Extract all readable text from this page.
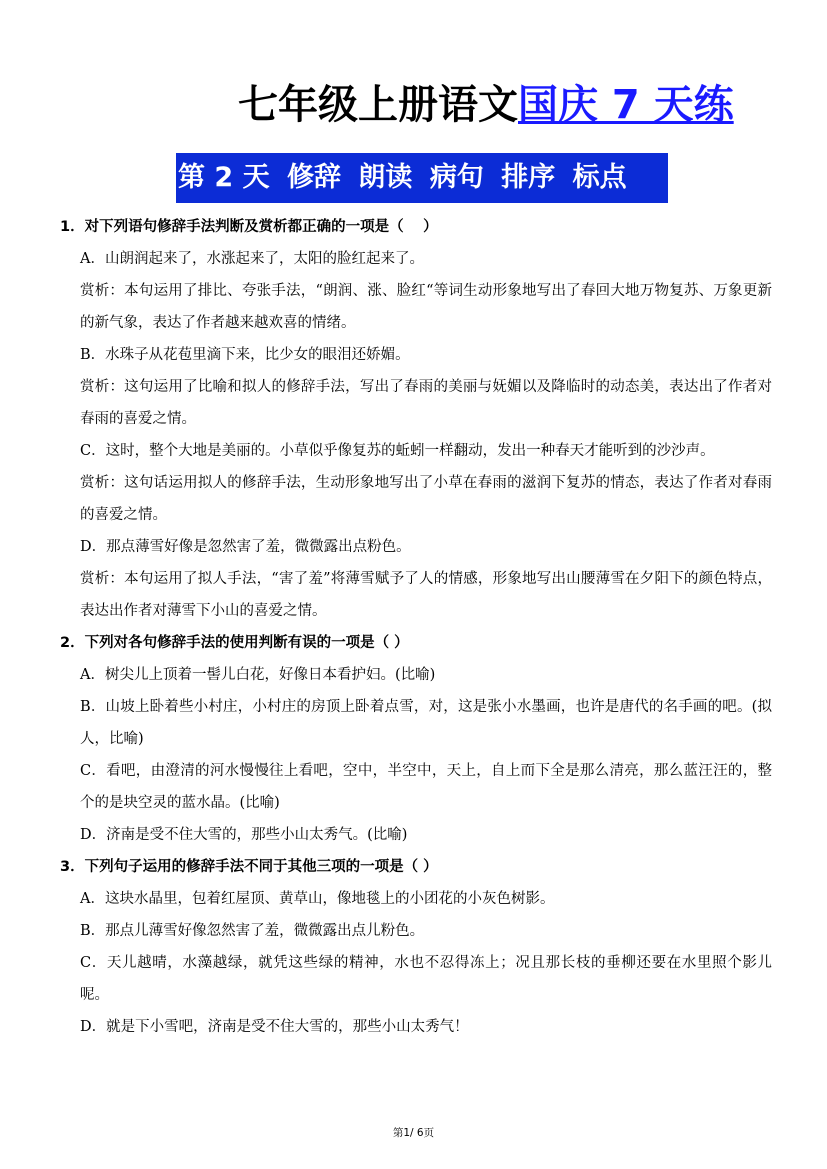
七年级上册语文国庆 7 天练
第 2 天 修辞 朗读 病句 排序 标点
1．对下列语句修辞手法判断及赏析都正确的一项是（　 ）
A．山朗润起来了，水涨起来了，太阳的脸红起来了。
赏析：本句运用了排比、夸张手法，“朗润、涨、脸红“等词生动形象地写出了春回大地万物复苏、万象更新的新气象，表达了作者越来越欢喜的情绪。
B．水珠子从花苞里滴下来，比少女的眼泪还娇媚。
赏析：这句运用了比喻和拟人的修辞手法，写出了春雨的美丽与妩媚以及降临时的动态美，表达出了作者对春雨的喜爱之情。
C．这时，整个大地是美丽的。小草似乎像复苏的蚯蚓一样翻动，发出一种春天才能听到的沙沙声。
赏析：这句话运用拟人的修辞手法，生动形象地写出了小草在春雨的滋润下复苏的情态，表达了作者对春雨的喜爱之情。
D．那点薄雪好像是忽然害了羞，微微露出点粉色。
赏析：本句运用了拟人手法，“害了羞”将薄雪赋予了人的情感，形象地写出山腰薄雪在夕阳下的颜色特点，表达出作者对薄雪下小山的喜爱之情。
2．下列对各句修辞手法的使用判断有误的一项是（ ）
A．树尖儿上顶着一髻儿白花，好像日本看护妇。(比喻)
B．山坡上卧着些小村庄，小村庄的房顶上卧着点雪，对，这是张小水墨画，也许是唐代的名手画的吧。(拟人，比喻)
C．看吧，由澄清的河水慢慢往上看吧，空中，半空中，天上，自上而下全是那么清亮，那么蓝汪汪的，整个的是块空灵的蓝水晶。(比喻)
D．济南是受不住大雪的，那些小山太秀气。(比喻)
3．下列句子运用的修辞手法不同于其他三项的一项是（ ）
A．这块水晶里，包着红屋顶、黄草山，像地毯上的小团花的小灰色树影。
B．那点儿薄雪好像忽然害了羞，微微露出点儿粉色。
C．天儿越晴，水藻越绿，就凭这些绿的精神，水也不忍得冻上；况且那长枝的垂柳还要在水里照个影儿呢。
D．就是下小雪吧，济南是受不住大雪的，那些小山太秀气！
第1/ 6页
